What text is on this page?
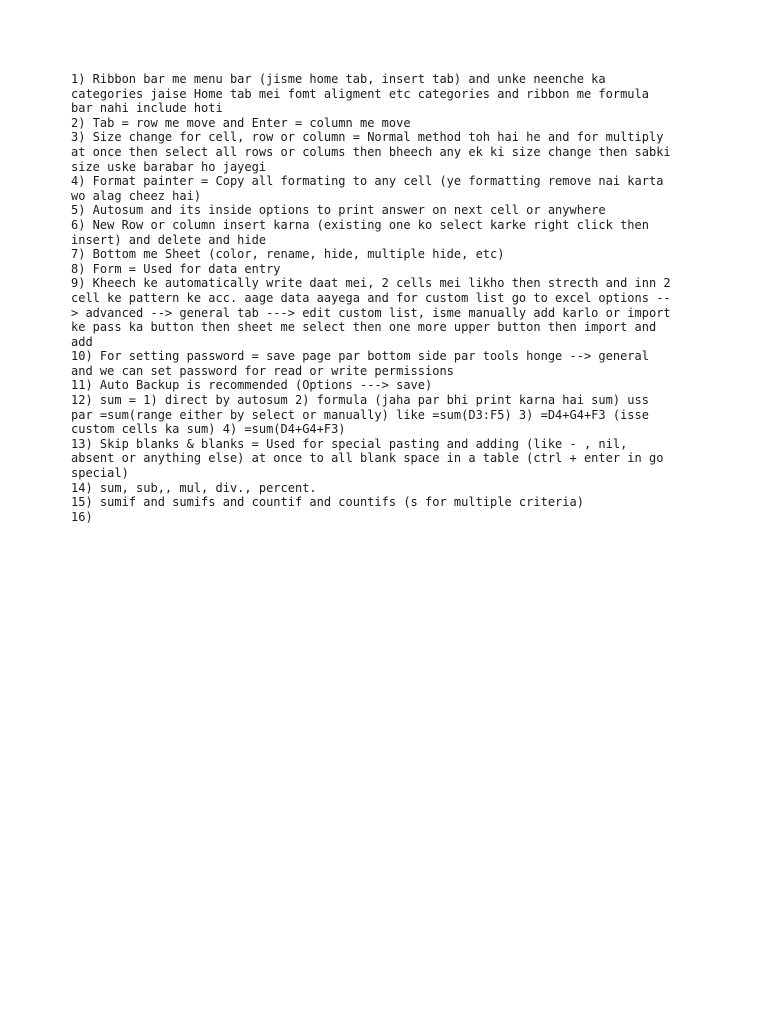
1) Ribbon bar me menu bar (jisme home tab, insert tab) and unke neenche ka
categories jaise Home tab mei fomt aligment etc categories and ribbon me formula
bar nahi include hoti

2) Tab = row me move and Enter = column me move

3) Size change for cell, row or column = Normal method toh hai he and for multiply
at once then select all rows or colums then bheech any ek ki size change then sabki
size uske barabar ho jayegi

4) Format painter = Copy all formating to any cell (ye formatting remove nai karta
wo alag cheez hai)

5) Autosum and its inside options to print answer on next cell or anywhere

6) New Row or column insert karna (existing one ko select karke right click then
insert) and delete and hide

7) Bottom me Sheet (color, rename, hide, multiple hide, etc)

8) Form = Used for data entry

9) Kheech ke automatically write daat mei, 2 cells mei likho then strecth and inn 2
cell ke pattern ke acc. aage data aayega and for custom list go to excel options --
> advanced --> general tab ---> edit custom list, isme manually add karlo or import
ke pass ka button then sheet me select then one more upper button then import and
add

10) For setting password = save page par bottom side par tools honge --> general
and we can set password for read or write permissions

11) Auto Backup is recommended (Options ---> save)

12) sum = 1) direct by autosum 2) formula (jaha par bhi print karna hai sum) uss
par =sum(range either by select or manually) like =sum(D3:F5) 3) =D4+G4+F3 (isse
custom cells ka sum) 4) =sum(D4+G4+F3)

13) Skip blanks & blanks = Used for special pasting and adding (like - , nil,
absent or anything else) at once to all blank space in a table (ctrl + enter in go
special)

14) sum, sub,, mul, div., percent.

15) sumif and sumifs and countif and countifs (s for multiple criteria)

16)
